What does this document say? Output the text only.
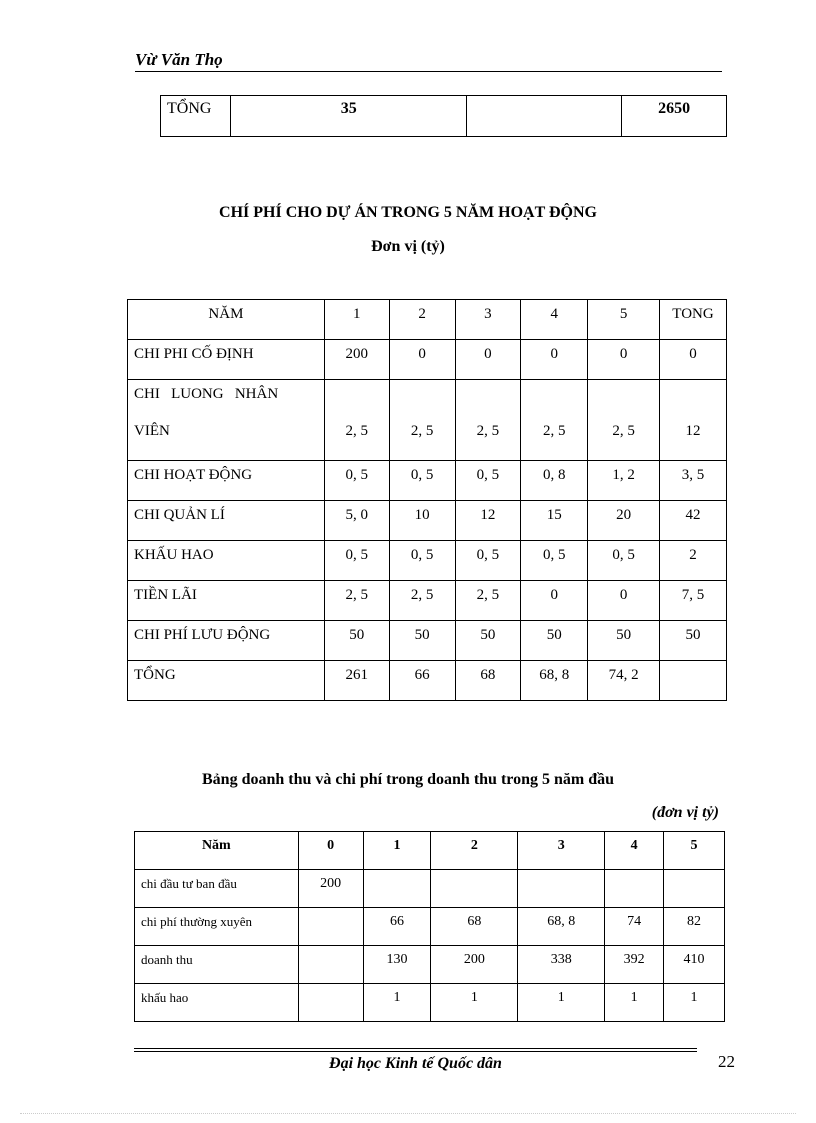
Vừ Văn Thọ
TỔNG	35		2650
CHÍ PHÍ CHO DỰ ÁN TRONG 5 NĂM HOẠT ĐỘNG
Đơn vị (tỷ)
NĂM	1	2	3	4	5	TONG
CHI PHI CỐ ĐỊNH	200	0	0	0	0	0

CHI   LUONG   NHÂN
VIÊN	2, 5	2, 5	2, 5	2, 5	2, 5	12
CHI HOẠT ĐỘNG	0, 5	0, 5	0, 5	0, 8	1, 2	3, 5
CHI QUẢN LÍ	5, 0	10	12	15	20	42
KHẤU HAO	0, 5	0, 5	0, 5	0, 5	0, 5	2
TIỀN LÃI	2, 5	2, 5	2, 5	0	0	7, 5
CHI PHÍ LƯU ĐỘNG	50	50	50	50	50	50
TỔNG	261	66	68	68, 8	74, 2	
Bảng doanh thu và chi phí trong doanh thu trong 5 năm đầu
(đơn vị tỷ)
Năm	0	1	2	3	4	5
chi đầu tư ban đầu	200					
chi phí thường xuyên		66	68	68, 8	74	82
doanh thu		130	200	338	392	410
khấu hao		1	1	1	1	1
Đại học Kinh tế Quốc dân	22
